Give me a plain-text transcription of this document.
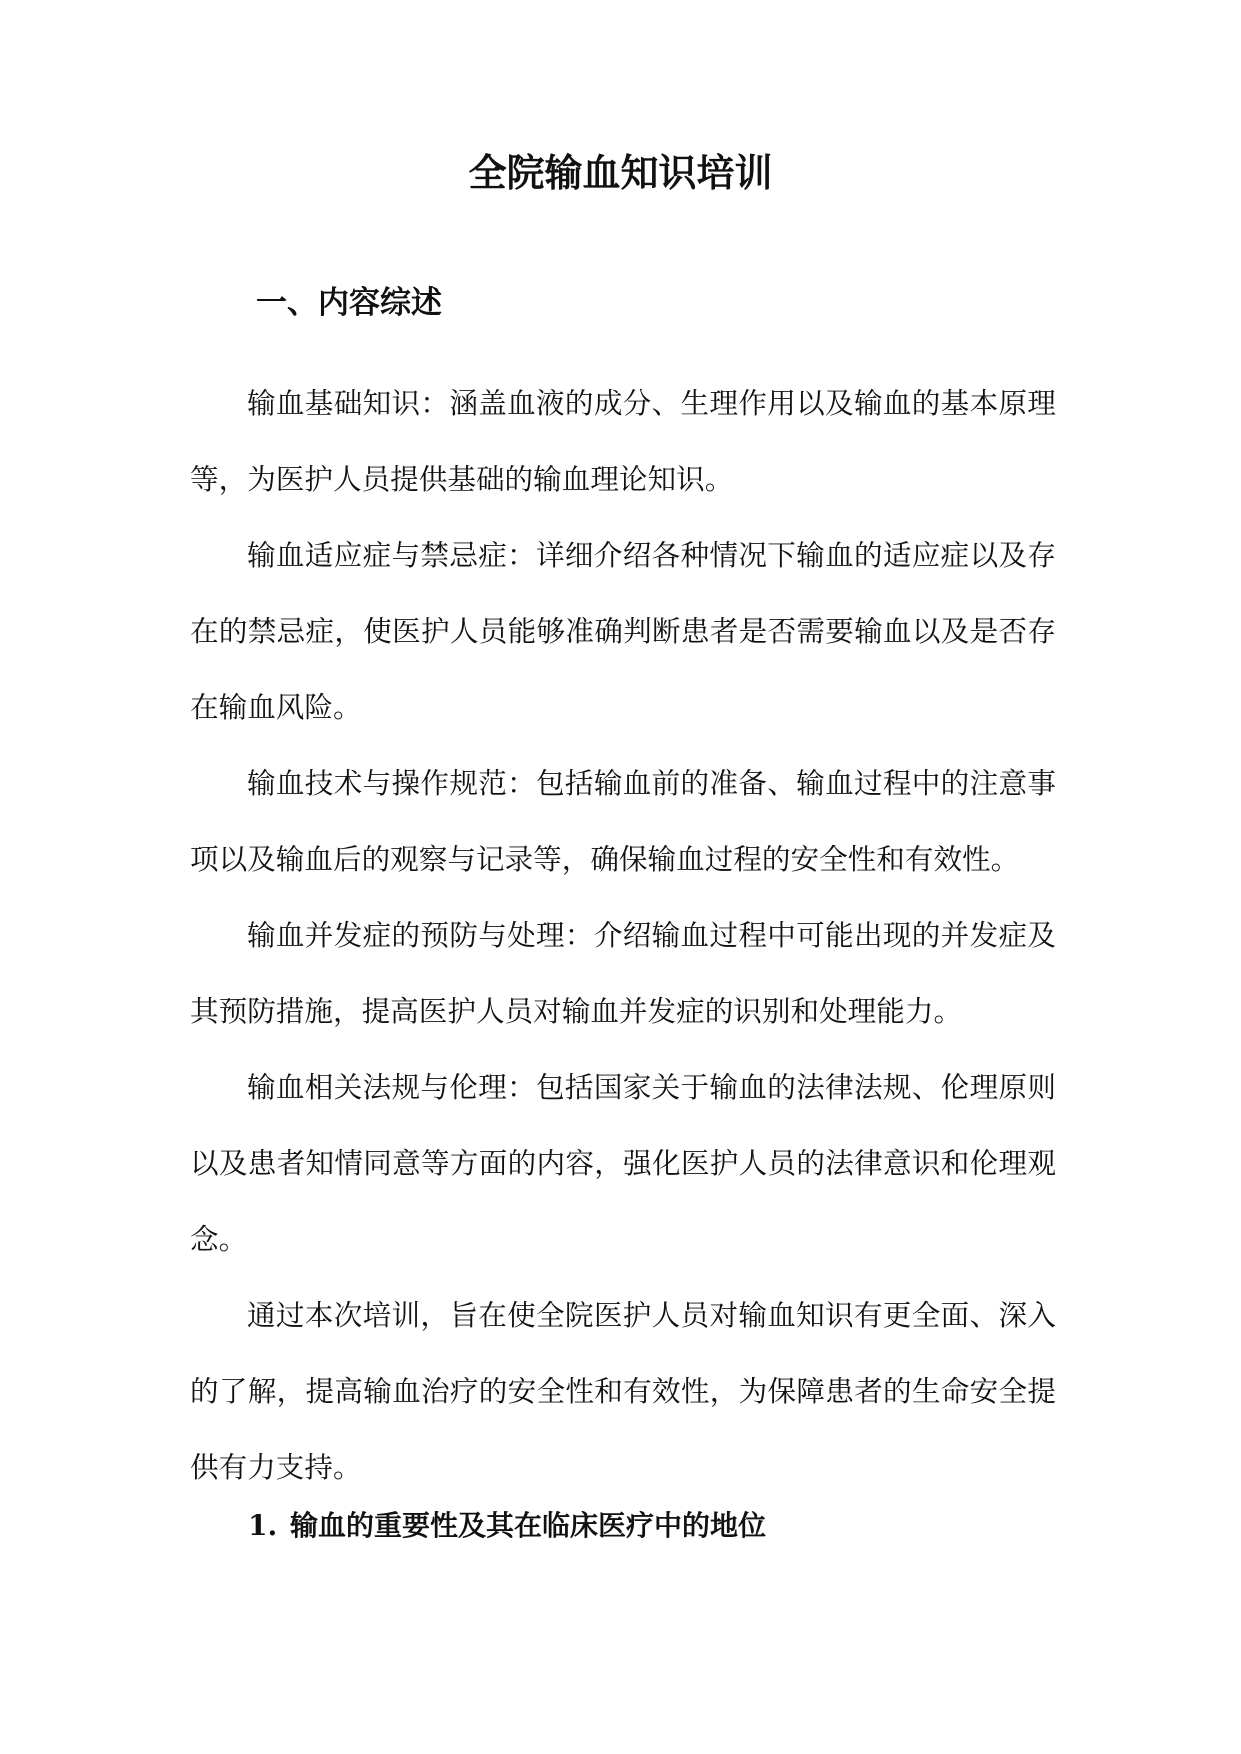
全院输血知识培训
一、内容综述

输血基础知识：涵盖血液的成分、生理作用以及输血的基本原理等，为医护人员提供基础的输血理论知识。

输血适应症与禁忌症：详细介绍各种情况下输血的适应症以及存在的禁忌症，使医护人员能够准确判断患者是否需要输血以及是否存在输血风险。

输血技术与操作规范：包括输血前的准备、输血过程中的注意事项以及输血后的观察与记录等，确保输血过程的安全性和有效性。

输血并发症的预防与处理：介绍输血过程中可能出现的并发症及其预防措施，提高医护人员对输血并发症的识别和处理能力。

输血相关法规与伦理：包括国家关于输血的法律法规、伦理原则以及患者知情同意等方面的内容，强化医护人员的法律意识和伦理观念。

通过本次培训，旨在使全院医护人员对输血知识有更全面、深入的了解，提高输血治疗的安全性和有效性，为保障患者的生命安全提供有力支持。

1. 输血的重要性及其在临床医疗中的地位
